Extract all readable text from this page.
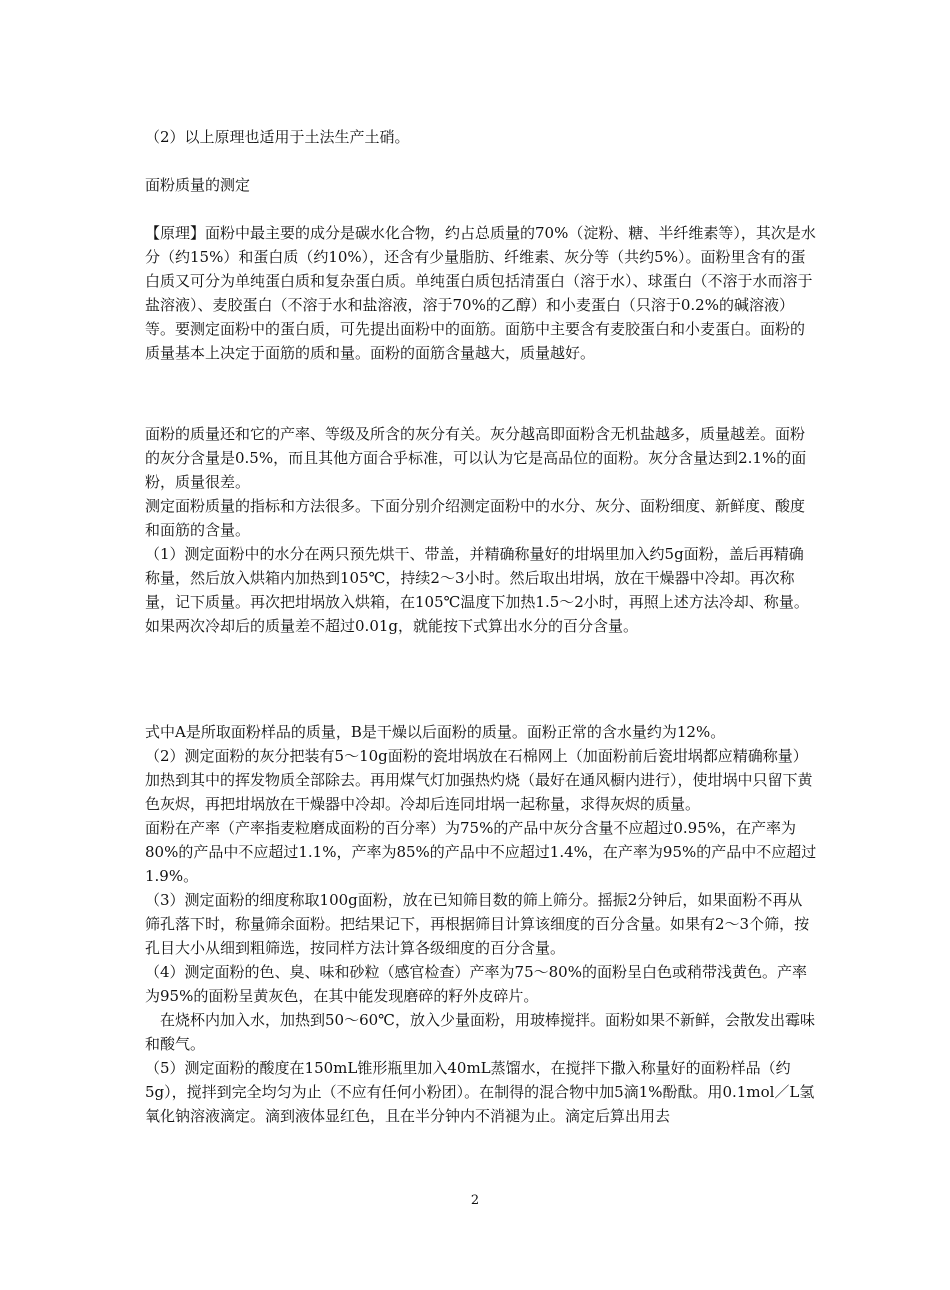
（2）以上原理也适用于土法生产土硝。

面粉质量的测定

【原理】面粉中最主要的成分是碳水化合物，约占总质量的70%（淀粉、糖、半纤维素等），其次是水分（约15%）和蛋白质（约10%），还含有少量脂肪、纤维素、灰分等（共约5%）。面粉里含有的蛋白质又可分为单纯蛋白质和复杂蛋白质。单纯蛋白质包括清蛋白（溶于水）、球蛋白（不溶于水而溶于盐溶液）、麦胶蛋白（不溶于水和盐溶液，溶于70%的乙醇）和小麦蛋白（只溶于0.2%的碱溶液）等。要测定面粉中的蛋白质，可先提出面粉中的面筋。面筋中主要含有麦胶蛋白和小麦蛋白。面粉的质量基本上决定于面筋的质和量。面粉的面筋含量越大，质量越好。

面粉的质量还和它的产率、等级及所含的灰分有关。灰分越高即面粉含无机盐越多，质量越差。面粉的灰分含量是0.5%，而且其他方面合乎标准，可以认为它是高品位的面粉。灰分含量达到2.1%的面粉，质量很差。

测定面粉质量的指标和方法很多。下面分别介绍测定面粉中的水分、灰分、面粉细度、新鲜度、酸度和面筋的含量。

（1）测定面粉中的水分在两只预先烘干、带盖，并精确称量好的坩埚里加入约5g面粉，盖后再精确称量，然后放入烘箱内加热到105℃，持续2～3小时。然后取出坩埚，放在干燥器中冷却。再次称量，记下质量。再次把坩埚放入烘箱，在105℃温度下加热1.5～2小时，再照上述方法冷却、称量。如果两次冷却后的质量差不超过0.01g，就能按下式算出水分的百分含量。

式中A是所取面粉样品的质量，B是干燥以后面粉的质量。面粉正常的含水量约为12%。

（2）测定面粉的灰分把装有5～10g面粉的瓷坩埚放在石棉网上（加面粉前后瓷坩埚都应精确称量）加热到其中的挥发物质全部除去。再用煤气灯加强热灼烧（最好在通风橱内进行），使坩埚中只留下黄色灰烬，再把坩埚放在干燥器中冷却。冷却后连同坩埚一起称量，求得灰烬的质量。

面粉在产率（产率指麦粒磨成面粉的百分率）为75%的产品中灰分含量不应超过0.95%，在产率为80%的产品中不应超过1.1%，产率为85%的产品中不应超过1.4%，在产率为95%的产品中不应超过1.9%。

（3）测定面粉的细度称取100g面粉，放在已知筛目数的筛上筛分。摇振2分钟后，如果面粉不再从筛孔落下时，称量筛余面粉。把结果记下，再根据筛目计算该细度的百分含量。如果有2～3个筛，按孔目大小从细到粗筛选，按同样方法计算各级细度的百分含量。

（4）测定面粉的色、臭、味和砂粒（感官检查）产率为75～80%的面粉呈白色或稍带浅黄色。产率为95%的面粉呈黄灰色，在其中能发现磨碎的籽外皮碎片。

　在烧杯内加入水，加热到50～60℃，放入少量面粉，用玻棒搅拌。面粉如果不新鲜，会散发出霉味和酸气。

（5）测定面粉的酸度在150mL锥形瓶里加入40mL蒸馏水，在搅拌下撒入称量好的面粉样品（约5g），搅拌到完全均匀为止（不应有任何小粉团）。在制得的混合物中加5滴1%酚酞。用0.1mol／L氢氧化钠溶液滴定。滴到液体显红色，且在半分钟内不消褪为止。滴定后算出用去

2
